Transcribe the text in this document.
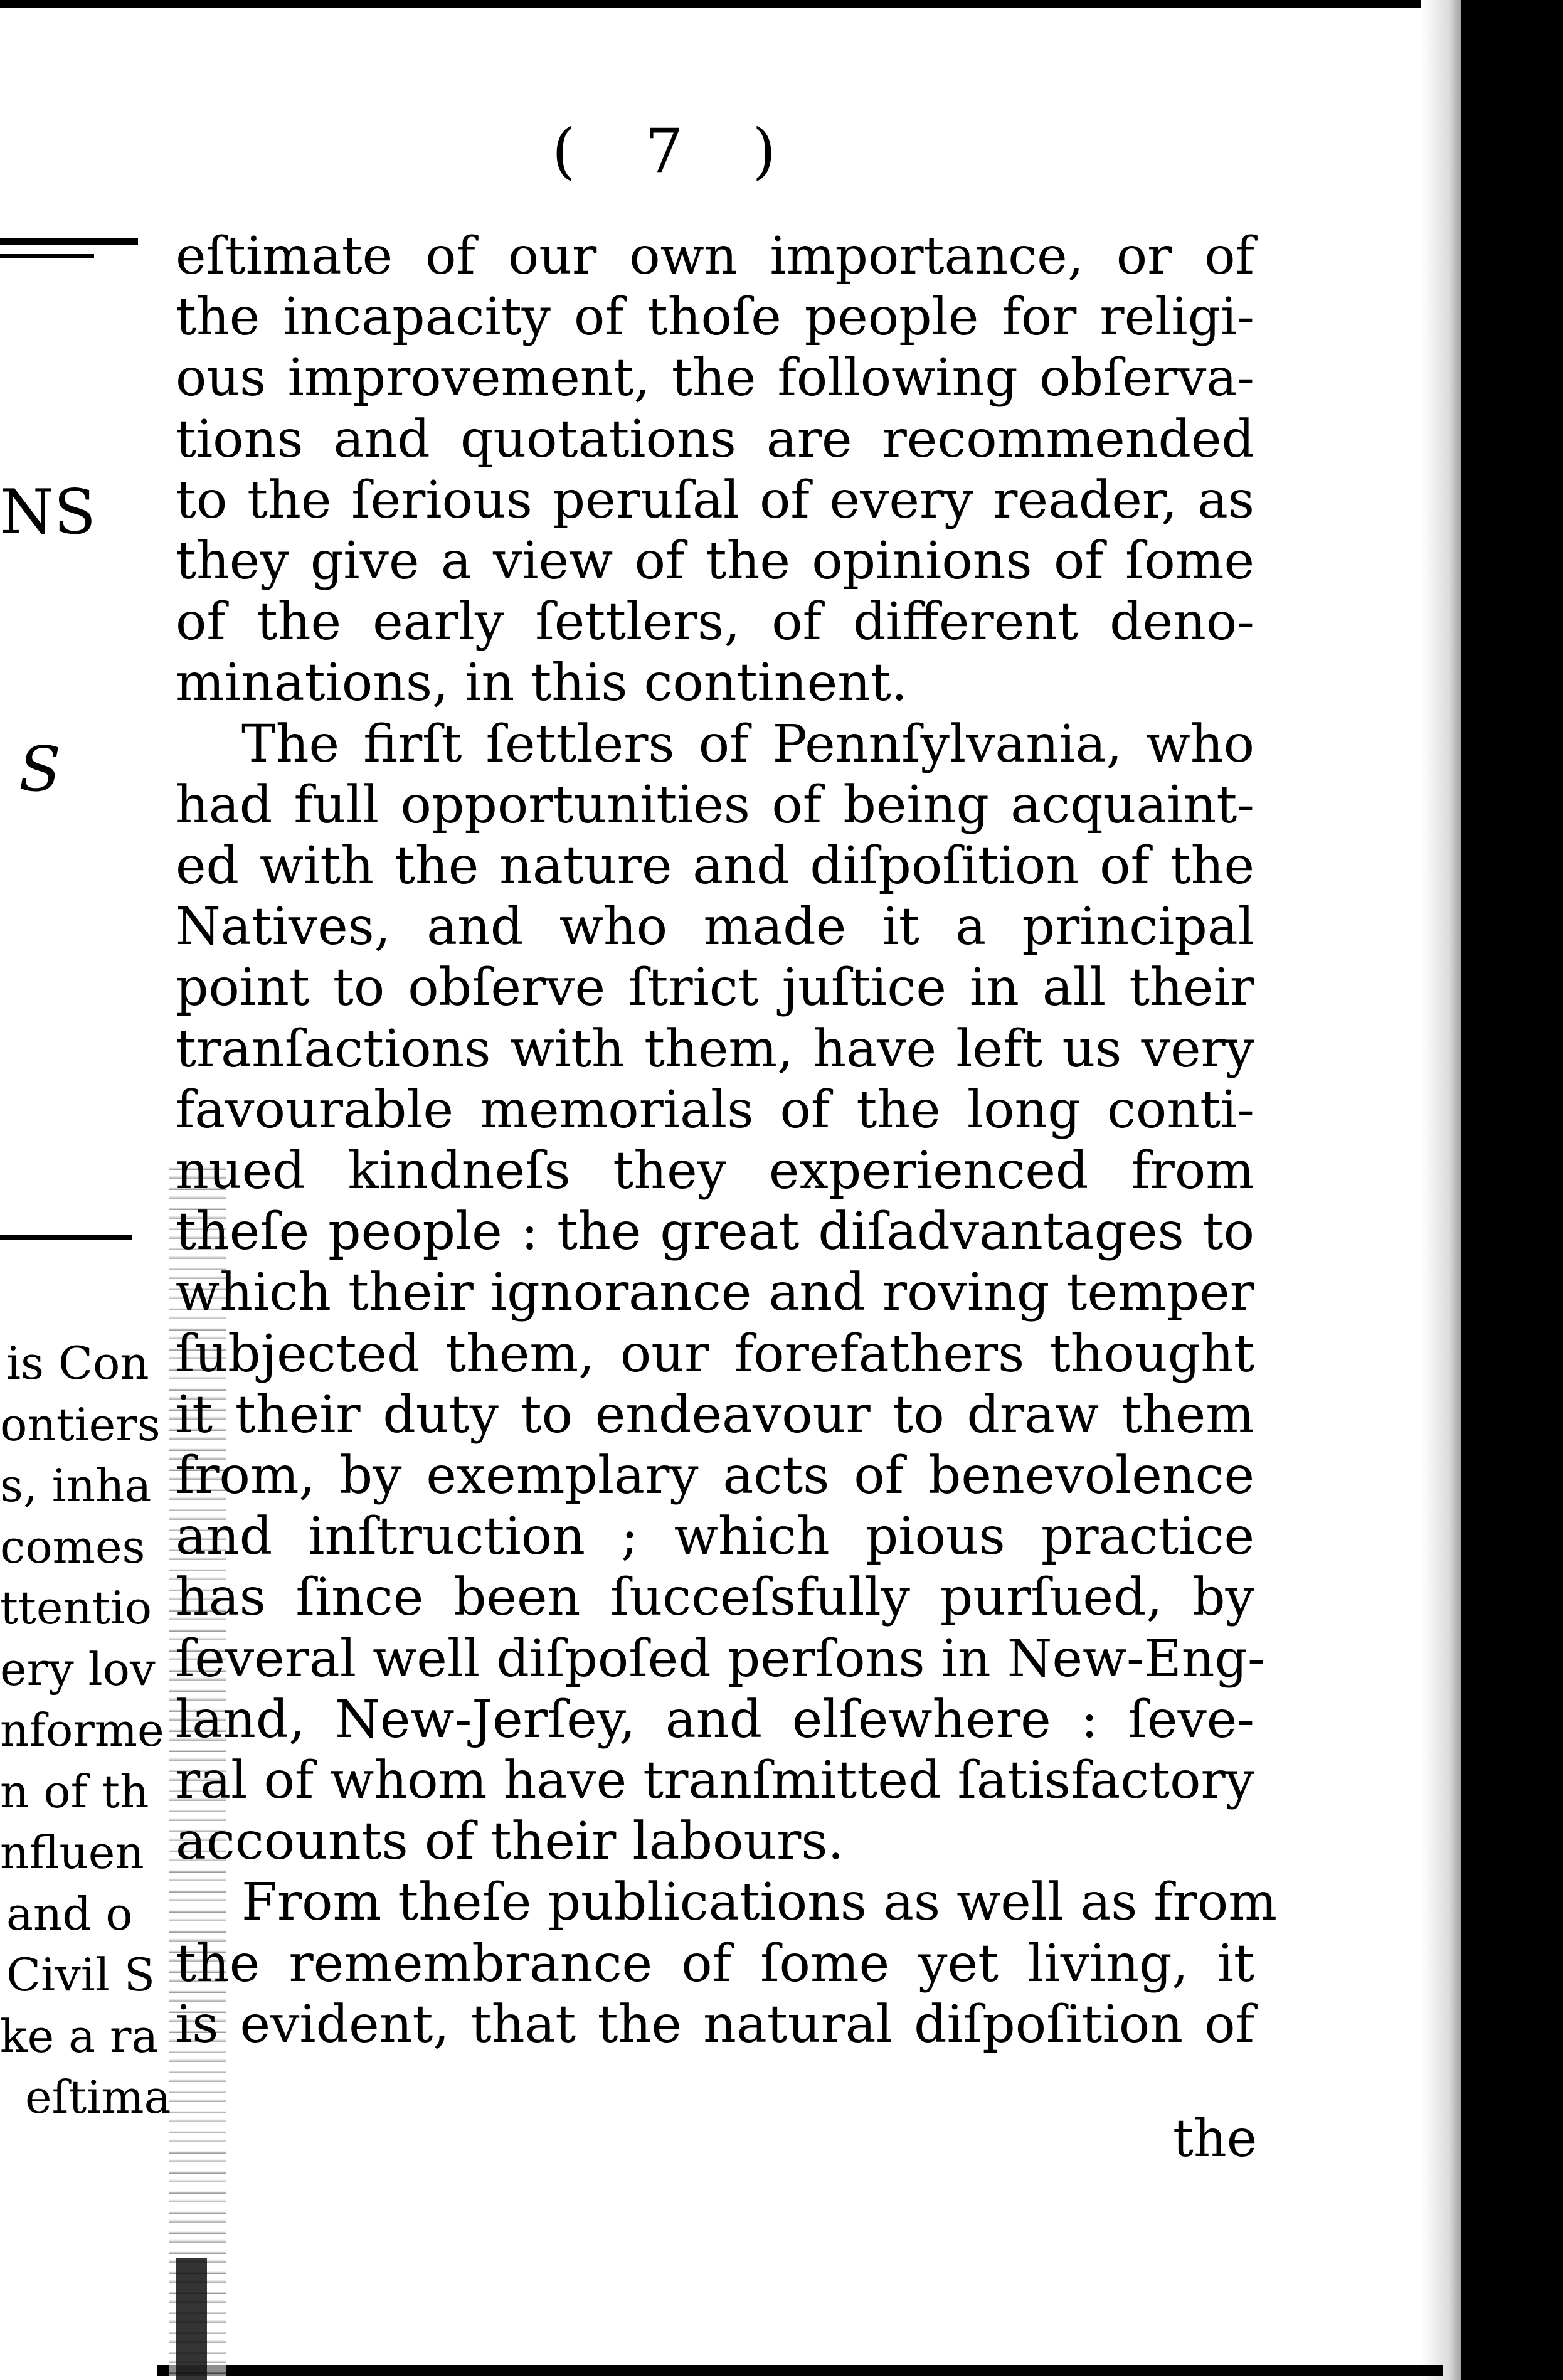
NS
S
is Con
ontiers
s, inha
comes
ttentio
ery lov
nforme
n of th
nfluen
and o
Civil S
ke a ra
eſtima
( 7 )

eſtimate of our own importance, or of
the incapacity of thoſe people for religi-
ous improvement, the following obſerva-
tions and quotations are recommended
to the ſerious peruſal of every reader, as
they give a view of the opinions of ſome
of the early ſettlers, of different deno-
minations, in this continent.

The firſt ſettlers of Pennſylvania, who
had full opportunities of being acquaint-
ed with the nature and diſpoſition of the
Natives, and who made it a principal
point to obſerve ſtrict juſtice in all their
tranſactions with them, have left us very
favourable memorials of the long conti-
nued kindneſs they experienced from
theſe people : the great diſadvantages to
which their ignorance and roving temper
ſubjected them, our forefathers thought
it their duty to endeavour to draw them
from, by exemplary acts of benevolence
and inſtruction ; which pious practice
has ſince been ſucceſsfully purſued, by
ſeveral well diſpoſed perſons in New-Eng-
land, New-Jerſey, and elſewhere : ſeve-
ral of whom have tranſmitted ſatisfactory
accounts of their labours.

From theſe publications as well as from
the remembrance of ſome yet living, it
is evident, that the natural diſpoſition of

the
